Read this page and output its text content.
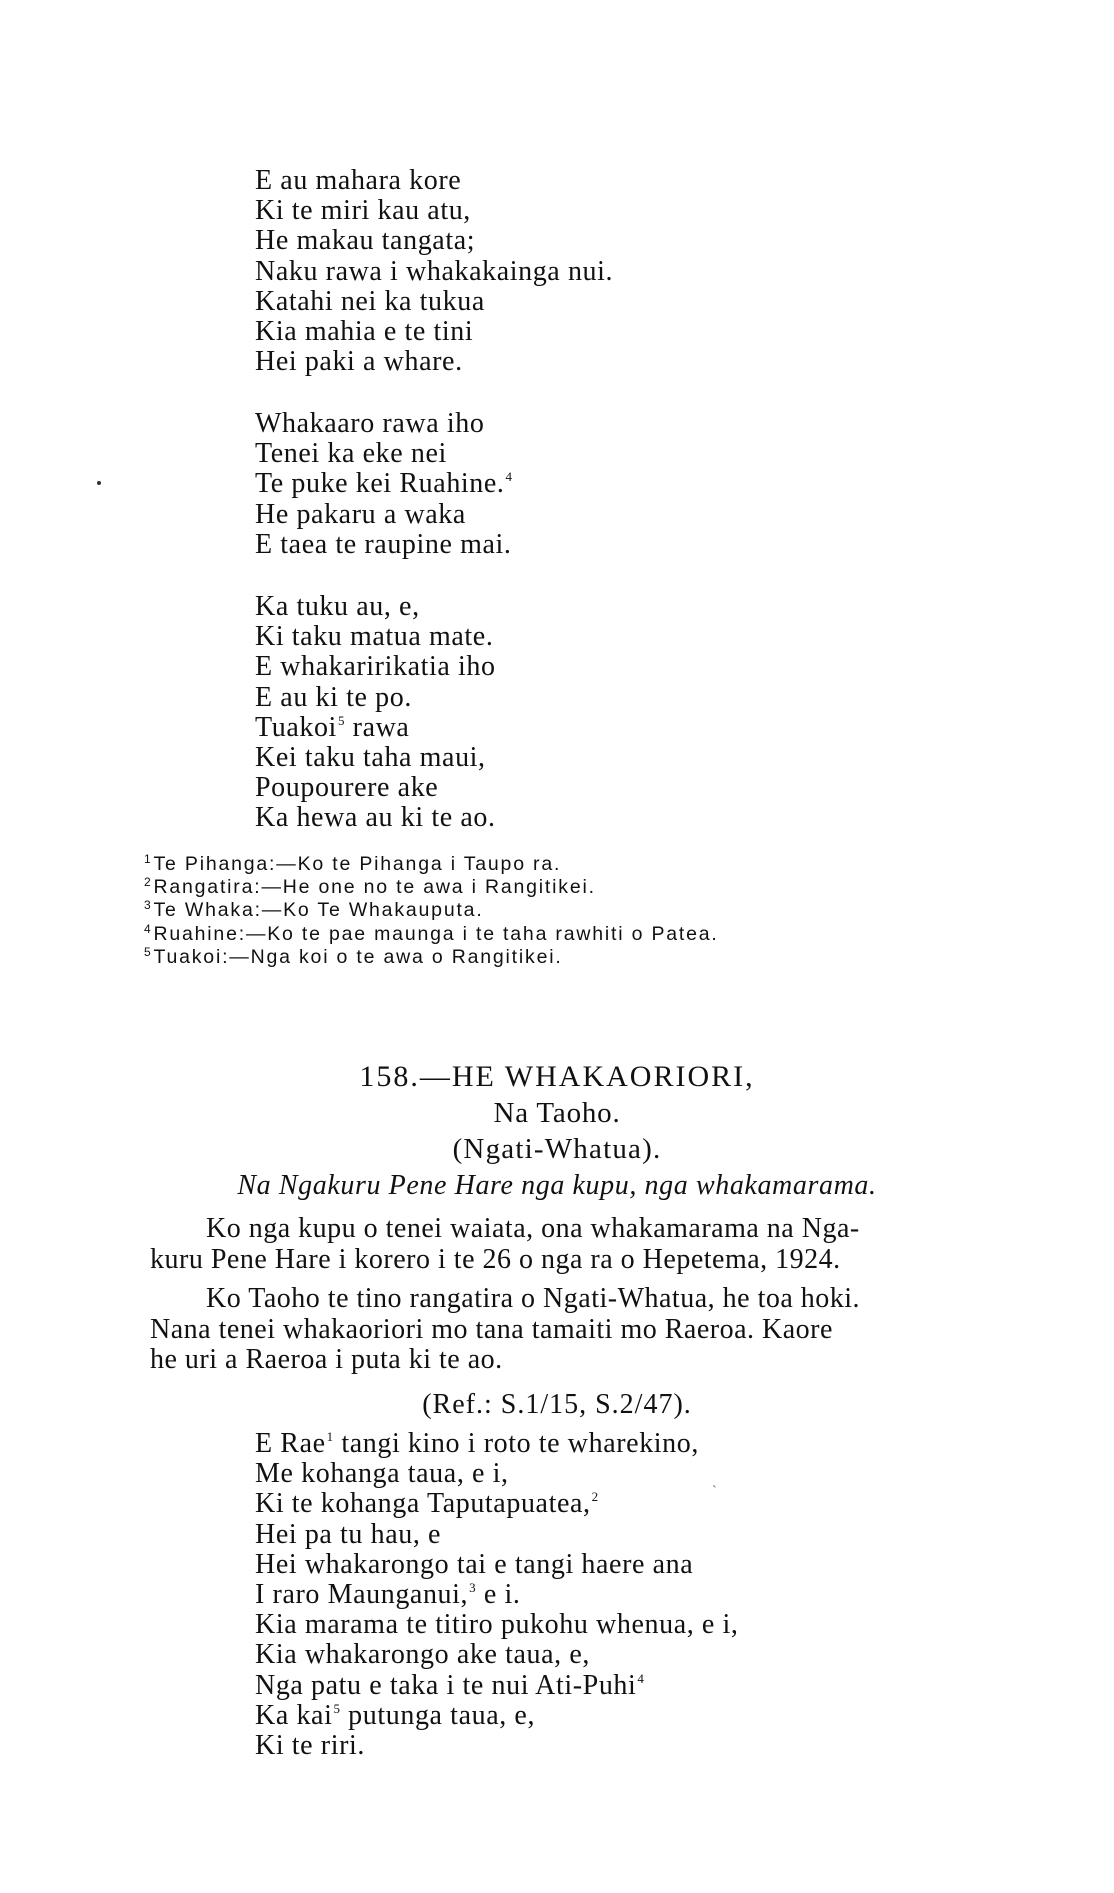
E au mahara kore
Ki te miri kau atu,
He makau tangata;
Naku rawa i whakakainga nui.
Katahi nei ka tukua
Kia mahia e te tini
Hei paki a whare.
Whakaaro rawa iho
Tenei ka eke nei
Te puke kei Ruahine.$^4$
He pakaru a waka
E taea te raupine mai.
Ka tuku au, e,
Ki taku matua mate.
E whakaririkatia iho
E au ki te po.
Tuakoi$^5$ rawa
Kei taku taha maui,
Poupourere ake
Ka hewa au ki te ao.
$^1$Te Pihanga:—Ko te Pihanga i Taupo ra.
$^2$Rangatira:—He one no te awa i Rangitikei.
$^3$Te Whaka:—Ko Te Whakauputa.
$^4$Ruahine:—Ko te pae maunga i te taha rawhiti o Patea.
$^5$Tuakoi:—Nga koi o te awa o Rangitikei.
158.—HE WHAKAORIORI,
Na Taoho.
(Ngati-Whatua).
Na Ngakuru Pene Hare nga kupu, nga whakamarama.
Ko nga kupu o tenei waiata, ona whakamarama na Nga-
kuru Pene Hare i korero i te 26 o nga ra o Hepetema, 1924.
Ko Taoho te tino rangatira o Ngati-Whatua, he toa hoki.
Nana tenei whakaoriori mo tana tamaiti mo Raeroa. Kaore
he uri a Raeroa i puta ki te ao.
(Ref.: S.1/15, S.2/47).
`
E Rae$^1$ tangi kino i roto te wharekino,
Me kohanga taua, e i,
Ki te kohanga Taputapuatea,$^2$
Hei pa tu hau, e
Hei whakarongo tai e tangi haere ana
I raro Maunganui,$^3$ e i.
Kia marama te titiro pukohu whenua, e i,
Kia whakarongo ake taua, e,
Nga patu e taka i te nui Ati-Puhi$^4$
Ka kai$^5$ putunga taua, e,
Ki te riri.
